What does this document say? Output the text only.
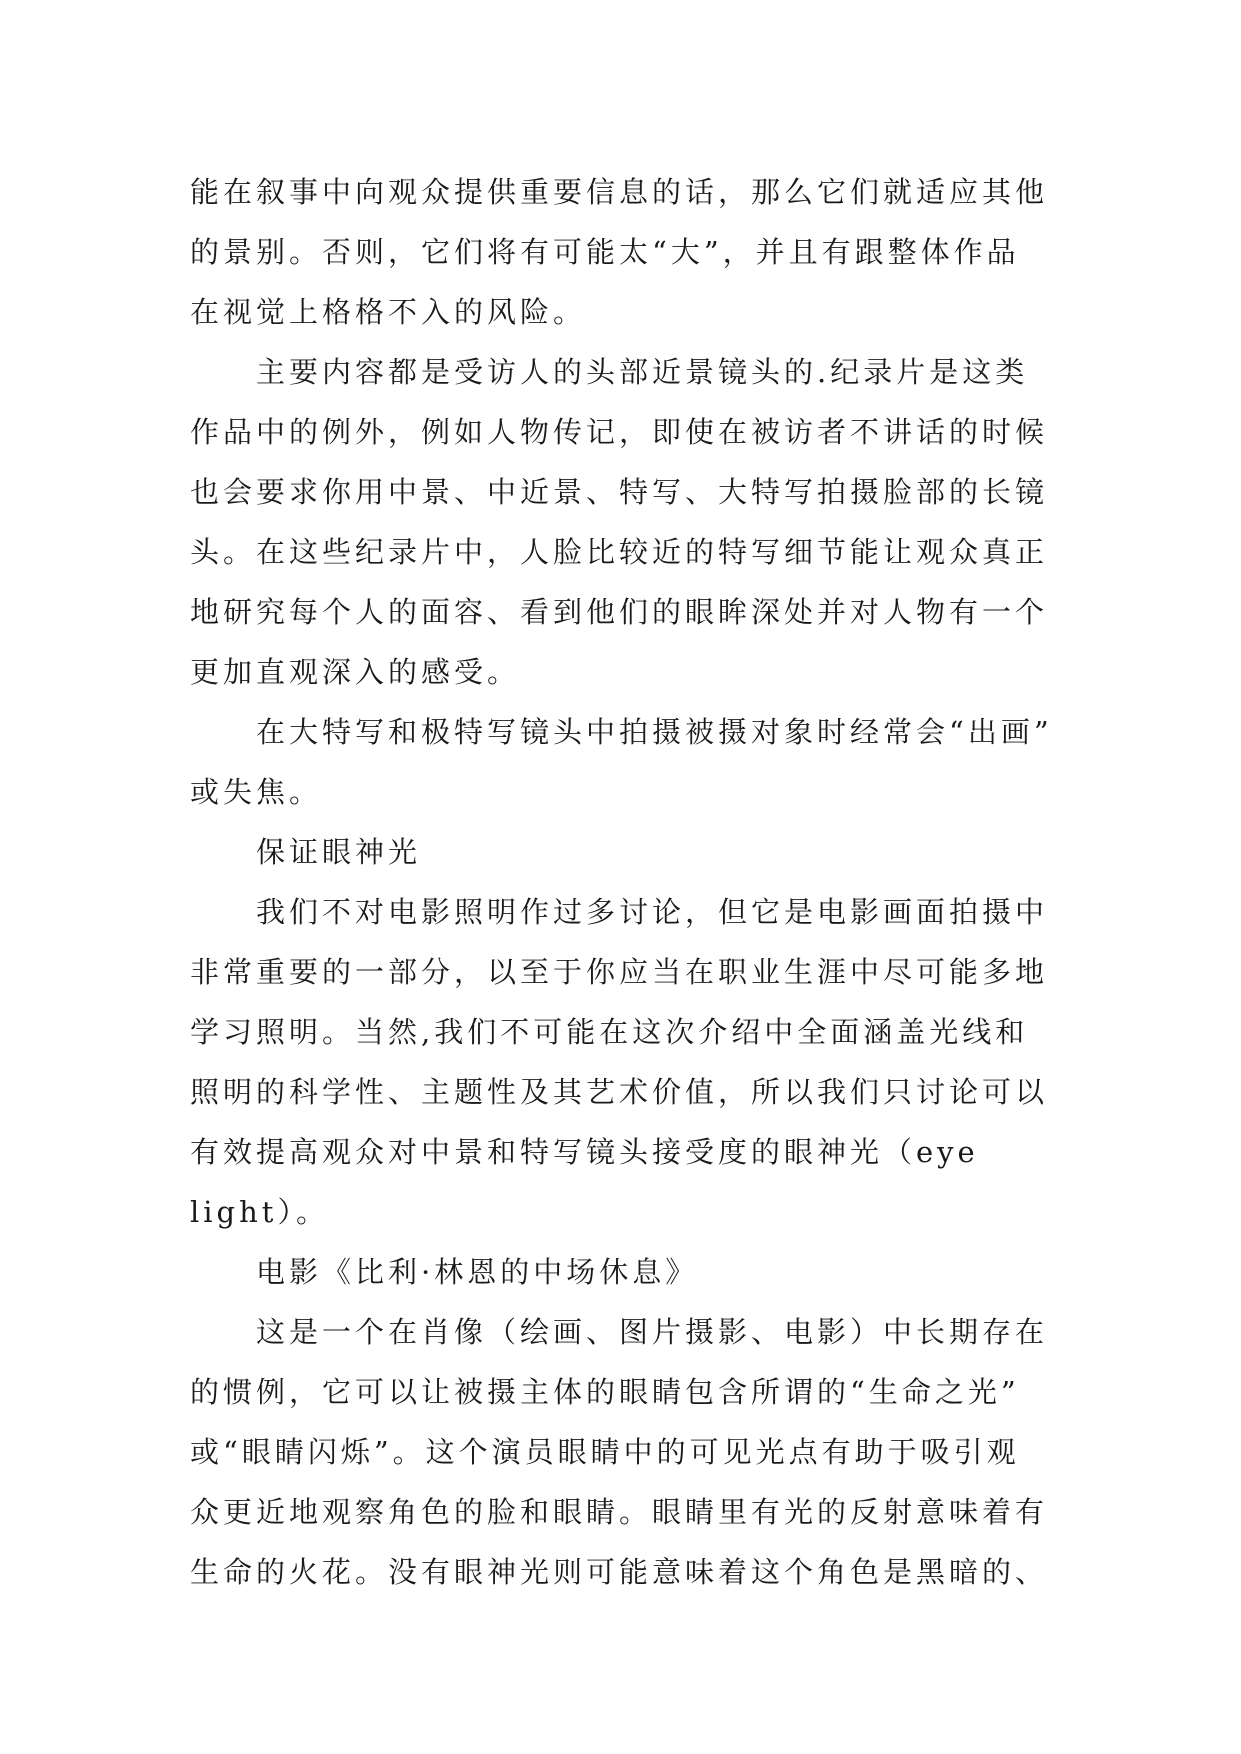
能在叙事中向观众提供重要信息的话，那么它们就适应其他
的景别。否则，它们将有可能太“大”，并且有跟整体作品
在视觉上格格不入的风险。
主要内容都是受访人的头部近景镜头的.纪录片是这类
作品中的例外，例如人物传记，即使在被访者不讲话的时候
也会要求你用中景、中近景、特写、大特写拍摄脸部的长镜
头。在这些纪录片中，人脸比较近的特写细节能让观众真正
地研究每个人的面容、看到他们的眼眸深处并对人物有一个
更加直观深入的感受。
在大特写和极特写镜头中拍摄被摄对象时经常会“出画”
或失焦。
保证眼神光
我们不对电影照明作过多讨论，但它是电影画面拍摄中
非常重要的一部分，以至于你应当在职业生涯中尽可能多地
学习照明。当然,我们不可能在这次介绍中全面涵盖光线和
照明的科学性、主题性及其艺术价值，所以我们只讨论可以
有效提高观众对中景和特写镜头接受度的眼神光（eye
light）。
电影《比利·林恩的中场休息》
这是一个在肖像（绘画、图片摄影、电影）中长期存在
的惯例，它可以让被摄主体的眼睛包含所谓的“生命之光”
或“眼睛闪烁”。这个演员眼睛中的可见光点有助于吸引观
众更近地观察角色的脸和眼睛。眼睛里有光的反射意味着有
生命的火花。没有眼神光则可能意味着这个角色是黑暗的、
